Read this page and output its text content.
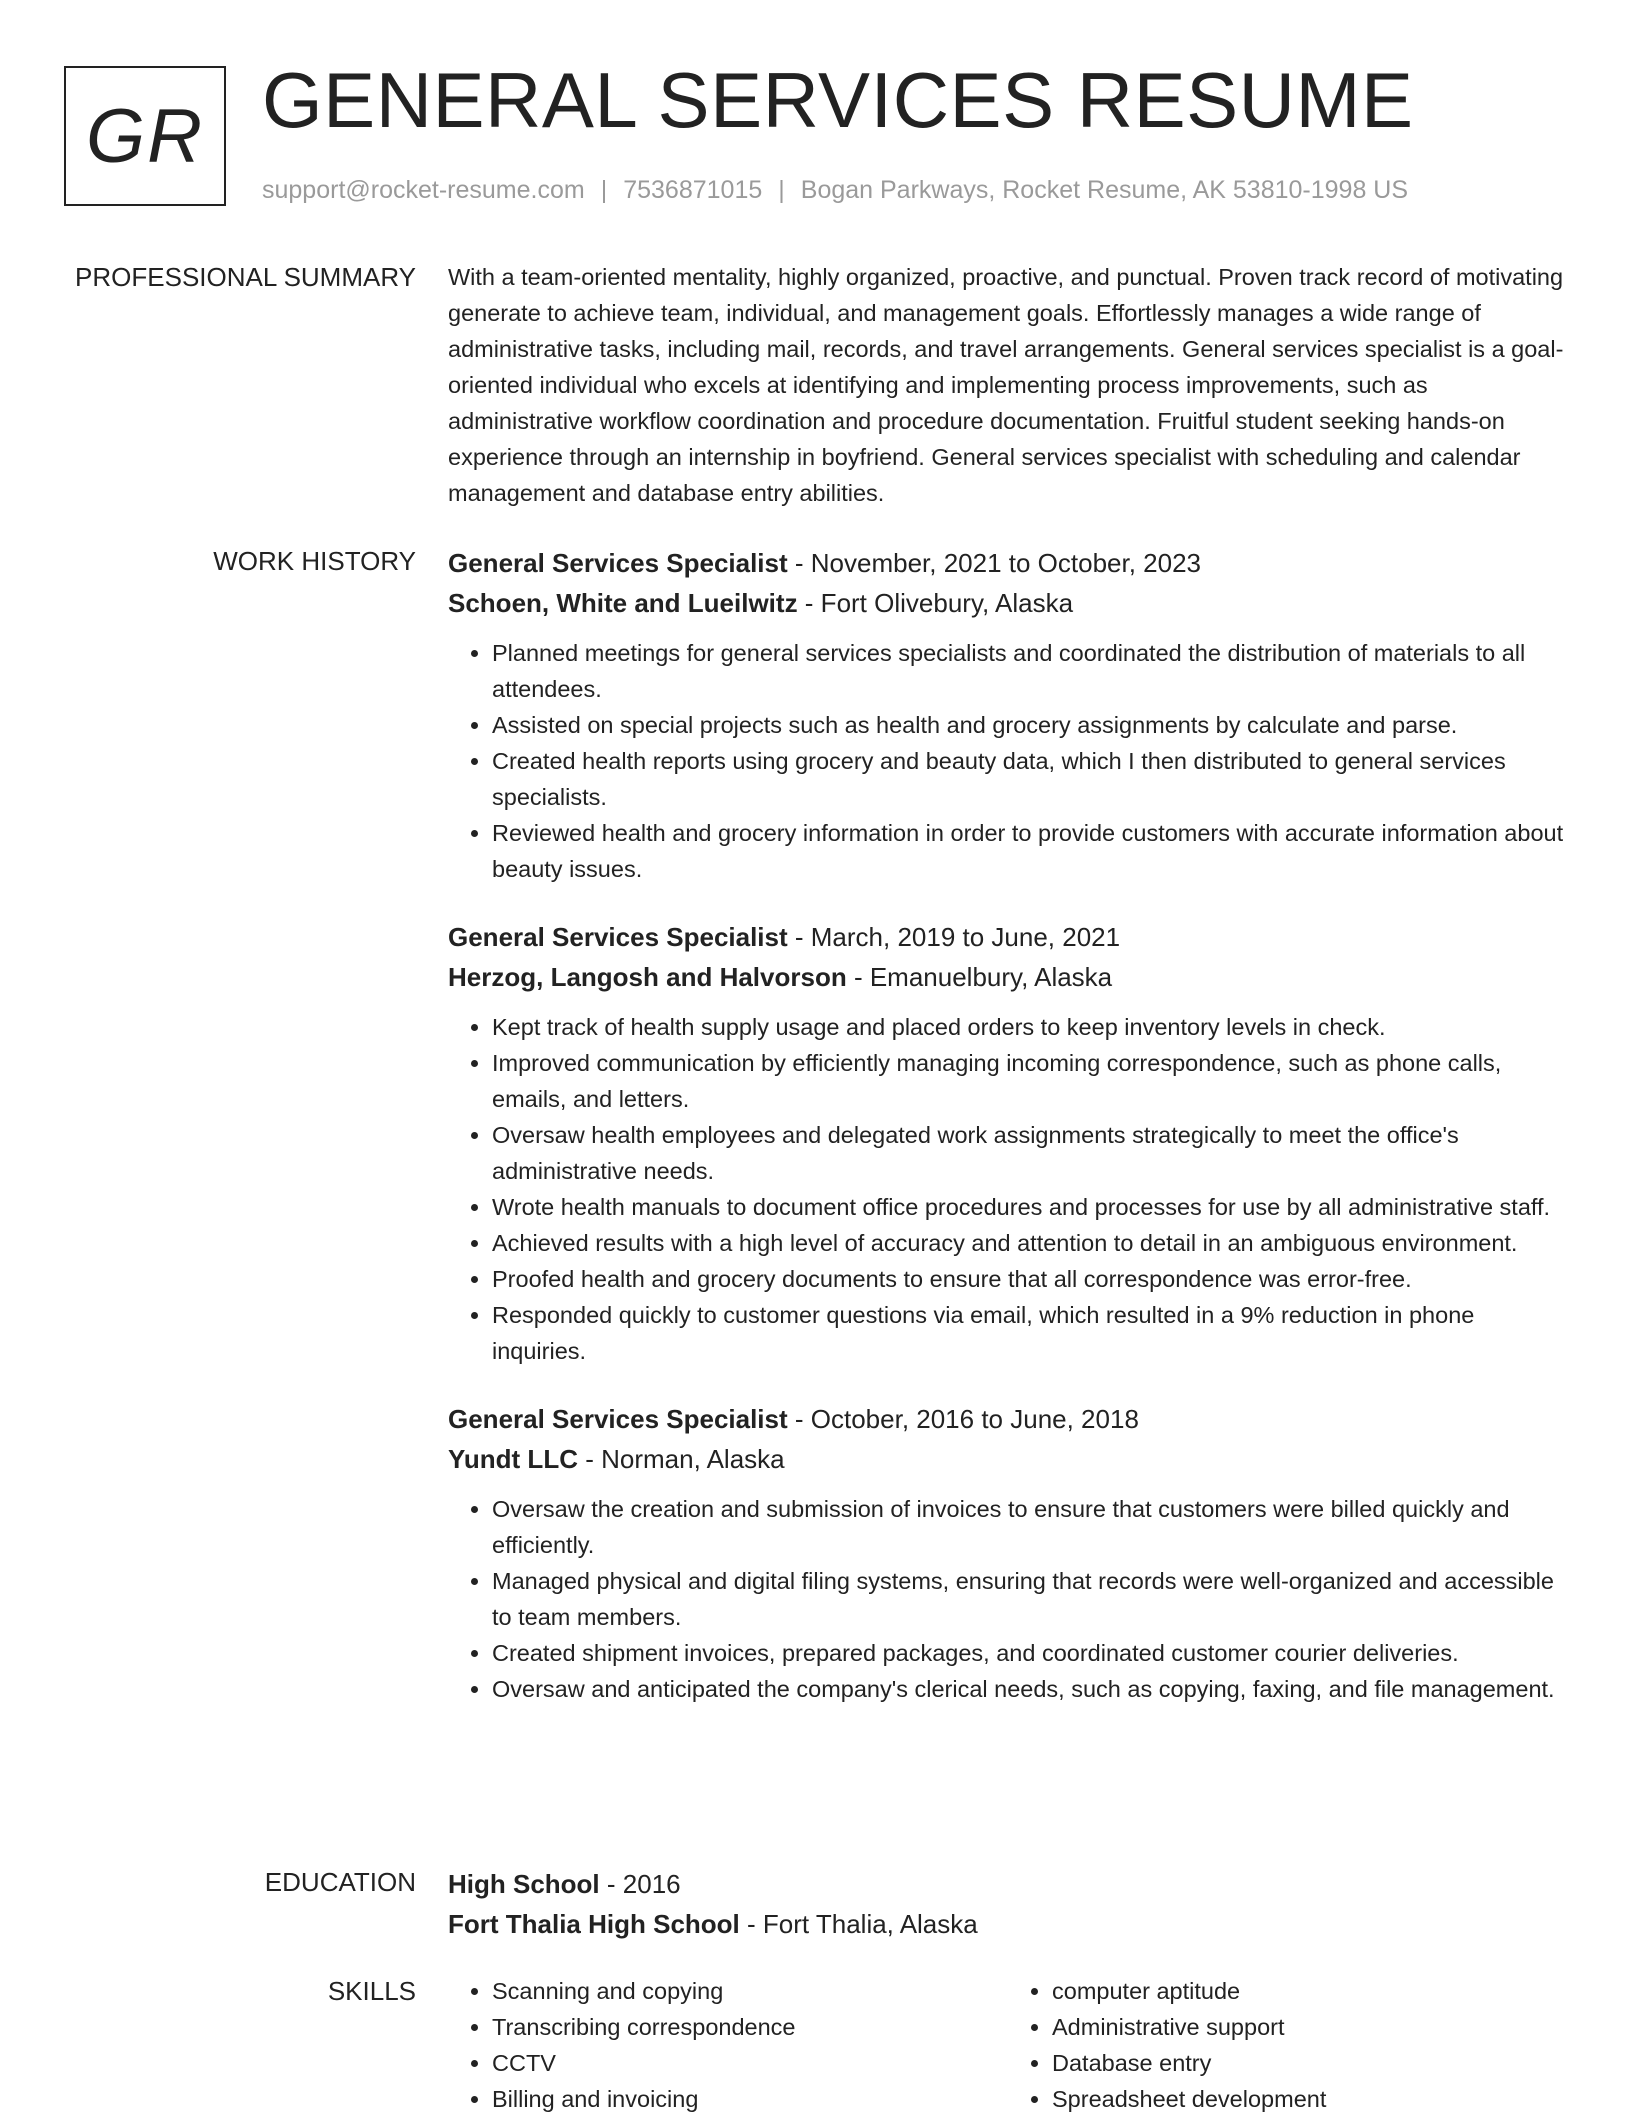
GR GENERAL SERVICES RESUME
support@rocket-resume.com | 7536871015 | Bogan Parkways, Rocket Resume, AK 53810-1998 US
PROFESSIONAL SUMMARY With a team-oriented mentality, highly organized, proactive, and punctual. Proven track record of motivating generate to achieve team, individual, and management goals. Effortlessly manages a wide range of administrative tasks, including mail, records, and travel arrangements. General services specialist is a goal-oriented individual who excels at identifying and implementing process improvements, such as administrative workflow coordination and procedure documentation. Fruitful student seeking hands-on experience through an internship in boyfriend. General services specialist with scheduling and calendar management and database entry abilities.

WORK HISTORY General Services Specialist - November, 2021 to October, 2023
Schoen, White and Lueilwitz - Fort Olivebury, Alaska
• Planned meetings for general services specialists and coordinated the distribution of materials to all attendees.
• Assisted on special projects such as health and grocery assignments by calculate and parse.
• Created health reports using grocery and beauty data, which I then distributed to general services specialists.
• Reviewed health and grocery information in order to provide customers with accurate information about beauty issues.
General Services Specialist - March, 2019 to June, 2021
Herzog, Langosh and Halvorson - Emanuelbury, Alaska
• Kept track of health supply usage and placed orders to keep inventory levels in check.
• Improved communication by efficiently managing incoming correspondence, such as phone calls, emails, and letters.
• Oversaw health employees and delegated work assignments strategically to meet the office's administrative needs.
• Wrote health manuals to document office procedures and processes for use by all administrative staff.
• Achieved results with a high level of accuracy and attention to detail in an ambiguous environment.
• Proofed health and grocery documents to ensure that all correspondence was error-free.
• Responded quickly to customer questions via email, which resulted in a 9% reduction in phone inquiries.
General Services Specialist - October, 2016 to June, 2018
Yundt LLC - Norman, Alaska
• Oversaw the creation and submission of invoices to ensure that customers were billed quickly and efficiently.
• Managed physical and digital filing systems, ensuring that records were well-organized and accessible to team members.
• Created shipment invoices, prepared packages, and coordinated customer courier deliveries.
• Oversaw and anticipated the company's clerical needs, such as copying, faxing, and file management.
EDUCATION High School - 2016
Fort Thalia High School - Fort Thalia, Alaska
SKILLS
•	Scanning and copying
• Transcribing correspondence
• CCTV
• Billing and invoicing
• computer aptitude
• Administrative support
• Database entry
• Spreadsheet development
